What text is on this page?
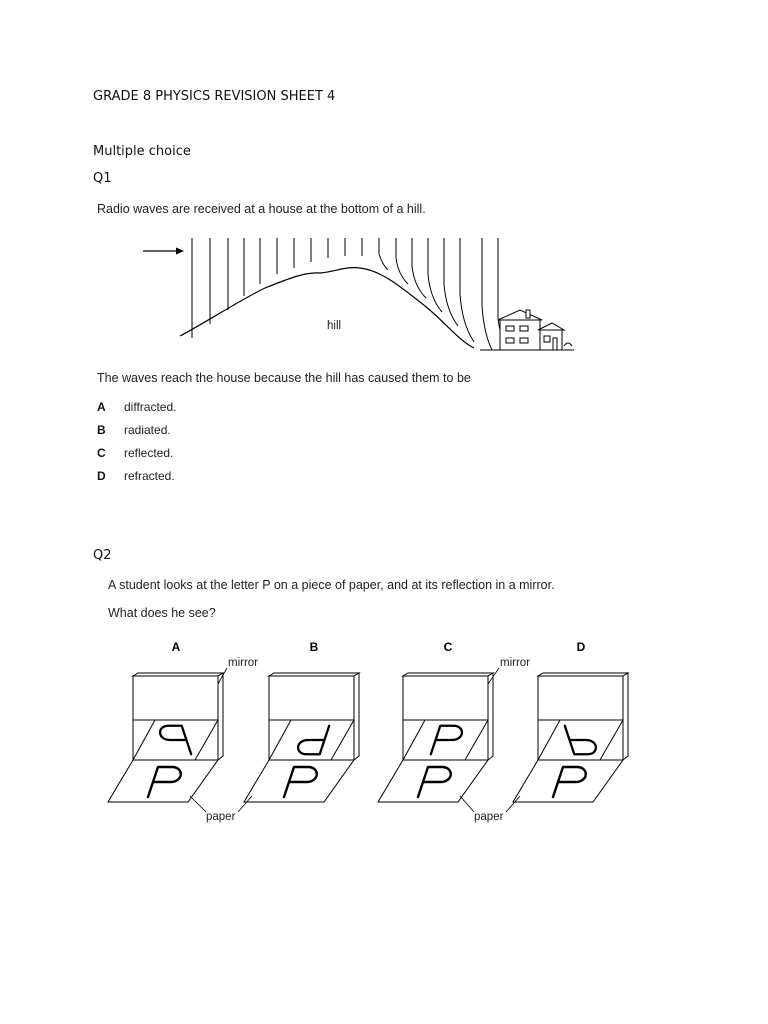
GRADE 8 PHYSICS REVISION SHEET 4
Multiple choice
Q1
Radio waves are received at a house at the bottom of a hill.
hill
The waves reach the house because the hill has caused them to be
A diffracted.
B radiated.
C reflected.
D refracted.
Q2
A student looks at the letter P on a piece of paper, and at its reflection in a mirror.
What does he see?
A	B	C	D
mirror	mirror
paper	paper
